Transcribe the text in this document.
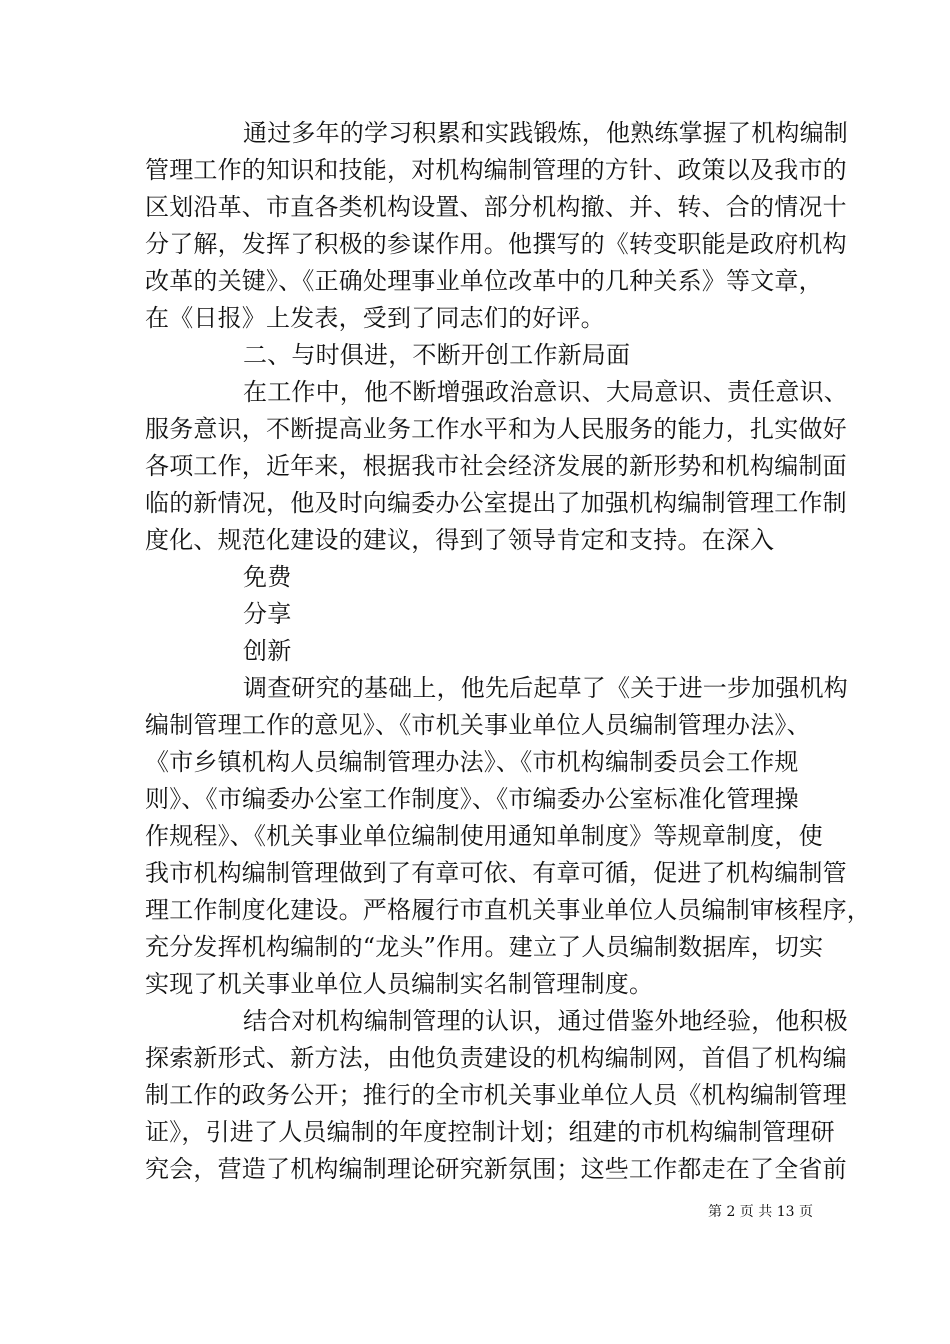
通过多年的学习积累和实践锻炼，他熟练掌握了机构编制
管理工作的知识和技能，对机构编制管理的方针、政策以及我市的
区划沿革、市直各类机构设置、部分机构撤、并、转、合的情况十
分了解，发挥了积极的参谋作用。他撰写的《转变职能是政府机构
改革的关键》、《正确处理事业单位改革中的几种关系》等文章，
在《日报》上发表，受到了同志们的好评。
二、与时俱进，不断开创工作新局面
在工作中，他不断增强政治意识、大局意识、责任意识、
服务意识，不断提高业务工作水平和为人民服务的能力，扎实做好
各项工作，近年来，根据我市社会经济发展的新形势和机构编制面
临的新情况，他及时向编委办公室提出了加强机构编制管理工作制
度化、规范化建设的建议，得到了领导肯定和支持。在深入
免费
分享
创新
调查研究的基础上，他先后起草了《关于进一步加强机构
编制管理工作的意见》、《市机关事业单位人员编制管理办法》、
《市乡镇机构人员编制管理办法》、《市机构编制委员会工作规
则》、《市编委办公室工作制度》、《市编委办公室标准化管理操
作规程》、《机关事业单位编制使用通知单制度》等规章制度，使
我市机构编制管理做到了有章可依、有章可循，促进了机构编制管
理工作制度化建设。严格履行市直机关事业单位人员编制审核程序，
充分发挥机构编制的“龙头”作用。建立了人员编制数据库，切实
实现了机关事业单位人员编制实名制管理制度。
结合对机构编制管理的认识，通过借鉴外地经验，他积极
探索新形式、新方法，由他负责建设的机构编制网，首倡了机构编
制工作的政务公开；推行的全市机关事业单位人员《机构编制管理
证》，引进了人员编制的年度控制计划；组建的市机构编制管理研
究会，营造了机构编制理论研究新氛围；这些工作都走在了全省前
第 2 页 共 13 页
